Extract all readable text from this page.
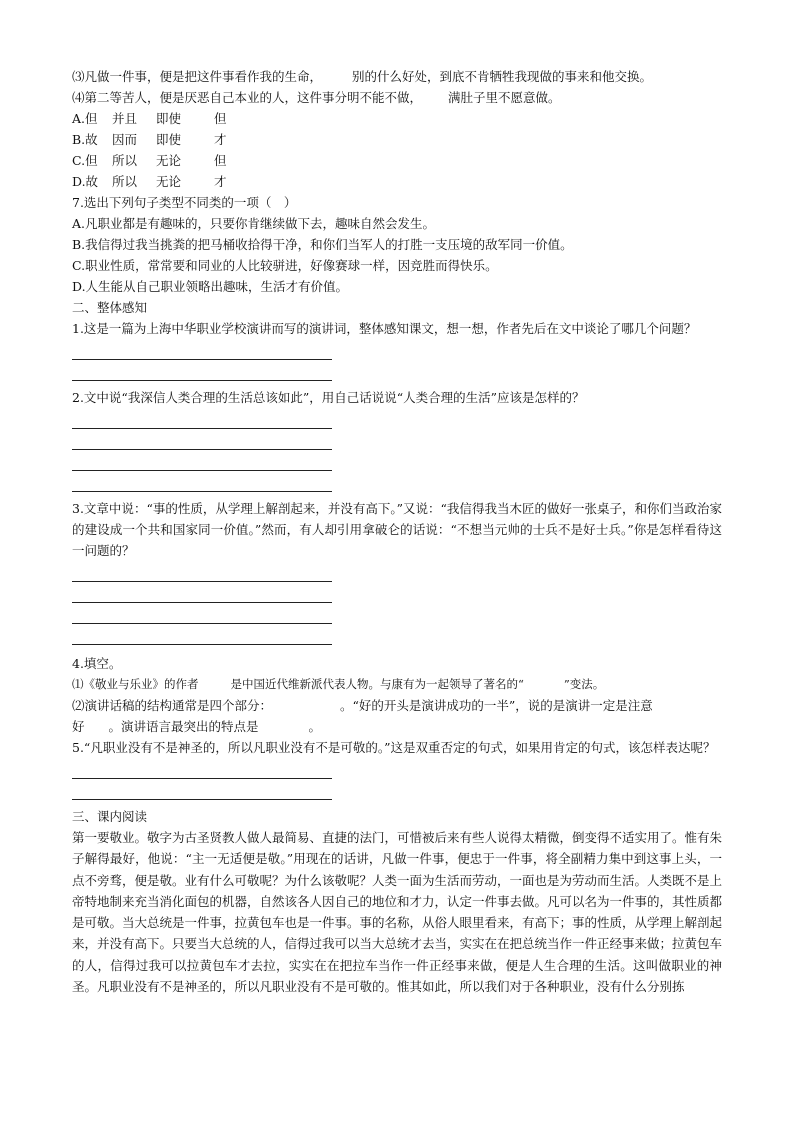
⑶凡做一件事，便是把这件事看作我的生命， 别的什么好处，到底不肯牺牲我现做的事来和他交换。
⑷第二等苦人，便是厌恶自己本业的人，这件事分明不能不做， 满肚子里不愿意做。
A.但 并且 即使	但
B.故 因而 即使	才
C.但 所以 无论	但
D.故 所以 无论	才
7.选出下列句子类型不同类的一项（　）
A.凡职业都是有趣味的，只要你肯继续做下去，趣味自然会发生。
B.我信得过我当挑粪的把马桶收拾得干净，和你们当军人的打胜一支压境的敌军同一价值。
C.职业性质，常常要和同业的人比较骈进，好像赛球一样，因竞胜而得快乐。
D.人生能从自己职业领略出趣味，生活才有价值。
二、整体感知
1.这是一篇为上海中华职业学校演讲而写的演讲词，整体感知课文，想一想，作者先后在文中谈论了哪几个问题？
2.文中说“我深信人类合理的生活总该如此”，用自己话说说“人类合理的生活”应该是怎样的？
3.文章中说：“事的性质，从学理上解剖起来，并没有高下。”又说：“我信得我当木匠的做好一张桌子，和你们当政治家的建设成一个共和国家同一价值。”然而，有人却引用拿破仑的话说：“不想当元帅的士兵不是好士兵。”你是怎样看待这一问题的？
4.填空。
⑴《敬业与乐业》的作者	是中国近代维新派代表人物。与康有为一起领导了著名的“	”变法。
⑵演讲话稿的结构通常是四个部分：	。“好的开头是演讲成功的一半”，说的是演讲一定是注意
好 。演讲语言最突出的特点是	。
5.“凡职业没有不是神圣的，所以凡职业没有不是可敬的。”这是双重否定的句式，如果用肯定的句式，该怎样表达呢？
三、课内阅读
第一要敬业。敬字为古圣贤教人做人最简易、直捷的法门，可惜被后来有些人说得太精微，倒变得不适实用了。惟有朱子解得最好，他说：“主一无适便是敬。”用现在的话讲，凡做一件事，便忠于一件事，将全副精力集中到这事上头，一点不旁骛，便是敬。业有什么可敬呢？为什么该敬呢？人类一面为生活而劳动，一面也是为劳动而生活。人类既不是上帝特地制来充当消化面包的机器，自然该各人因自己的地位和才力，认定一件事去做。凡可以名为一件事的，其性质都是可敬。当大总统是一件事，拉黄包车也是一件事。事的名称，从俗人眼里看来，有高下；事的性质，从学理上解剖起来，并没有高下。只要当大总统的人，信得过我可以当大总统才去当，实实在在把总统当作一件正经事来做；拉黄包车的人，信得过我可以拉黄包车才去拉，实实在在把拉车当作一件正经事来做，便是人生合理的生活。这叫做职业的神圣。凡职业没有不是神圣的，所以凡职业没有不是可敬的。惟其如此，所以我们对于各种职业，没有什么分别拣
